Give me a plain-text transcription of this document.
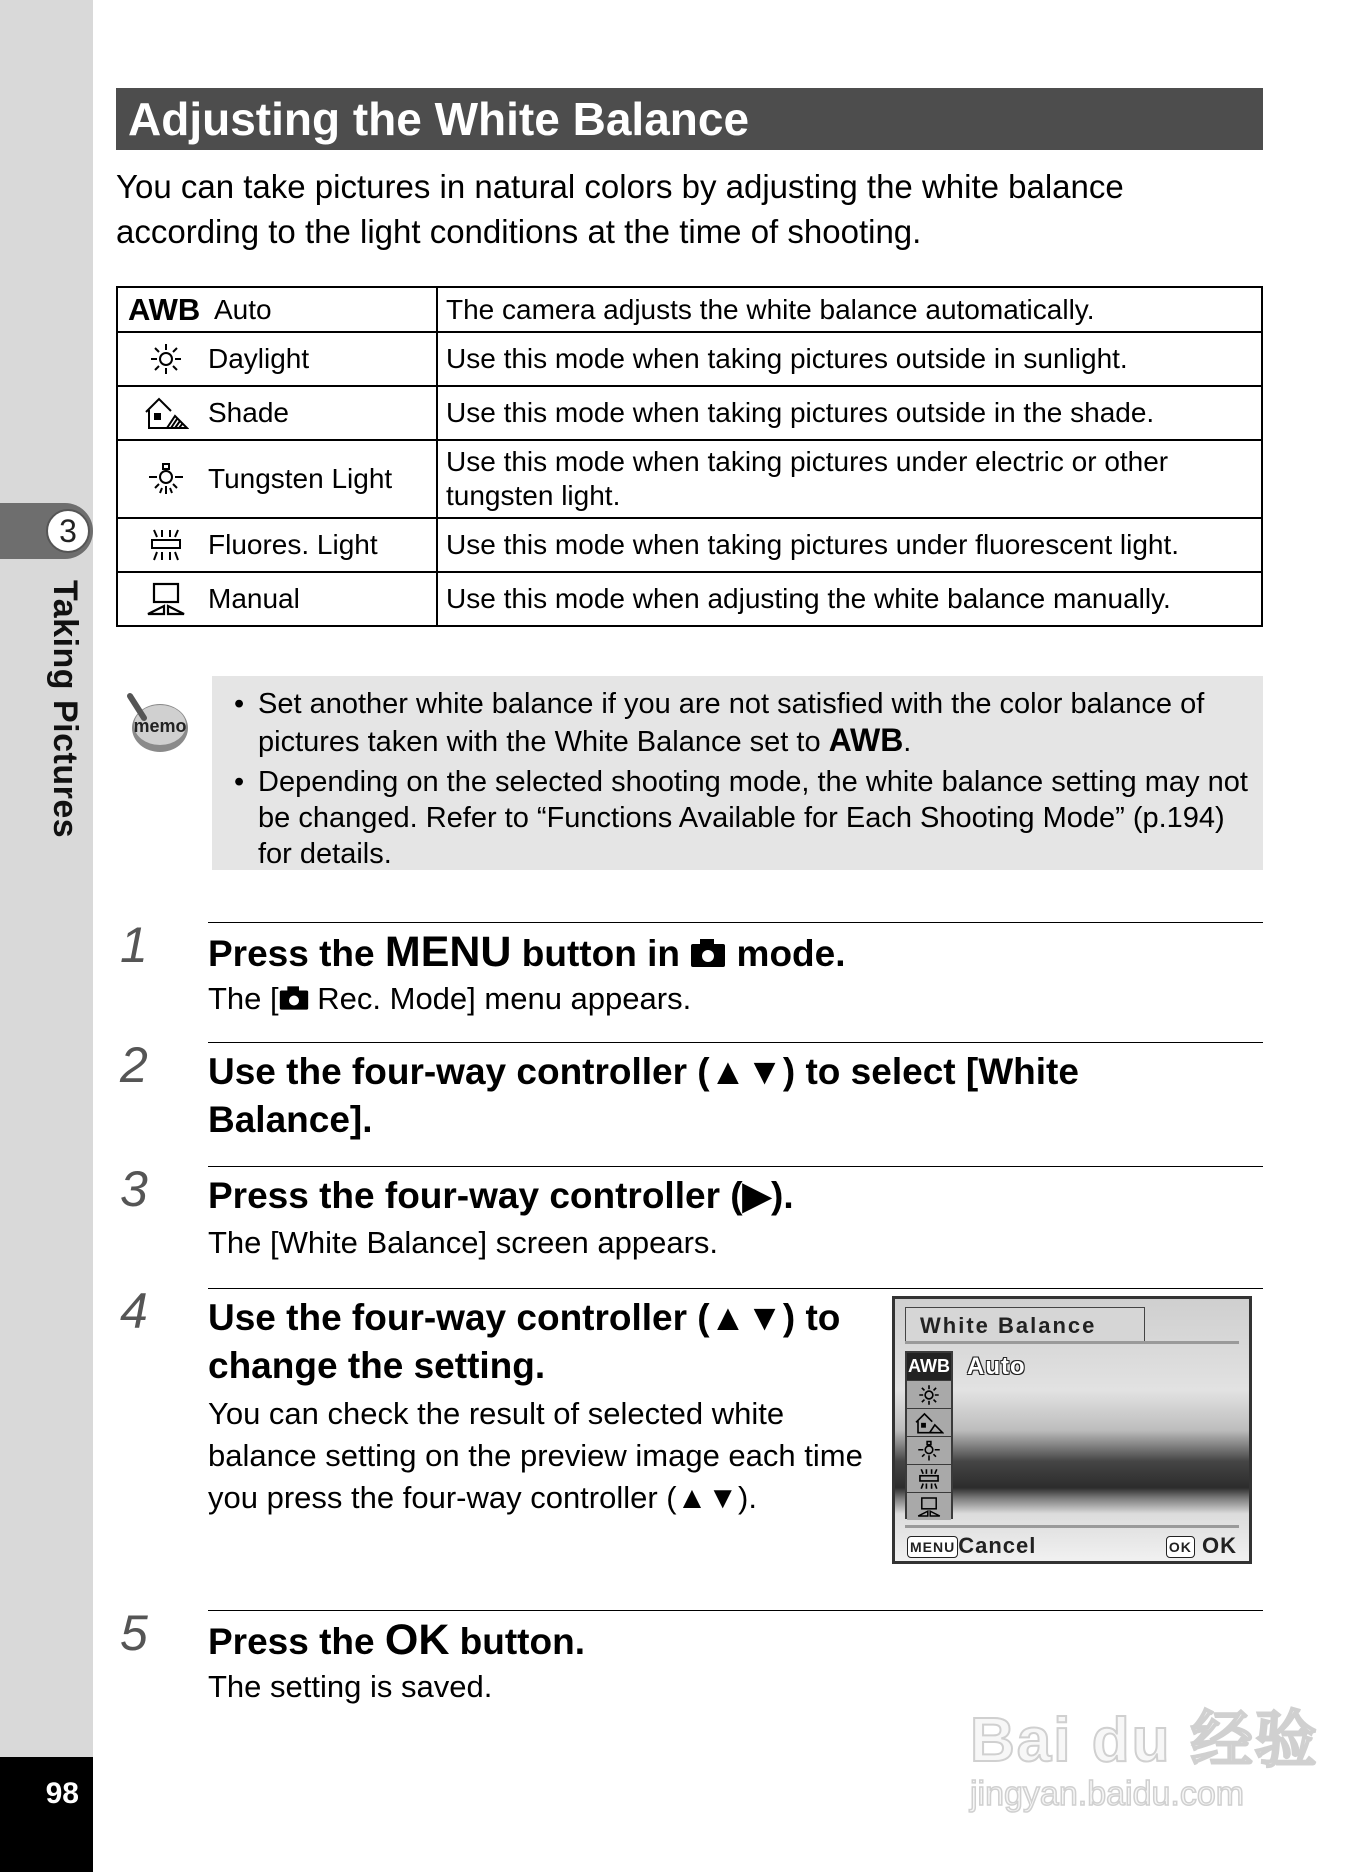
3
Taking Pictures
98
Adjusting the White Balance
You can take pictures in natural colors by adjusting the white balance according to the light conditions at the time of shooting.
AWB Auto	The camera adjusts the white balance automatically.

Daylight	Use this mode when taking pictures outside in sunlight.

Shade	Use this mode when taking pictures outside in the shade.

Tungsten Light	Use this mode when taking pictures under electric or other tungsten light.

Fluores. Light	Use this mode when taking pictures under fluorescent light.

Manual	Use this mode when adjusting the white balance manually.
memo
• Set another white balance if you are not satisfied with the color balance of pictures taken with the White Balance set to AWB.
• Depending on the selected shooting mode, the white balance setting may not be changed. Refer to “Functions Available for Each Shooting Mode” (p.194) for details.
1 Press the MENU button in  mode.
The [ Rec. Mode] menu appears.
2 Use the four-way controller (▲▼) to select [White Balance].
3 Press the four-way controller (▶).
The [White Balance] screen appears.
4 Use the four-way controller (▲▼) to change the setting.
You can check the result of selected white balance setting on the preview image each time you press the four-way controller (▲▼).
White Balance
AWB Auto
MENU Cancel	OK OK
5 Press the OK button.
The setting is saved.
Bai du 经验
jingyan.baidu.com
